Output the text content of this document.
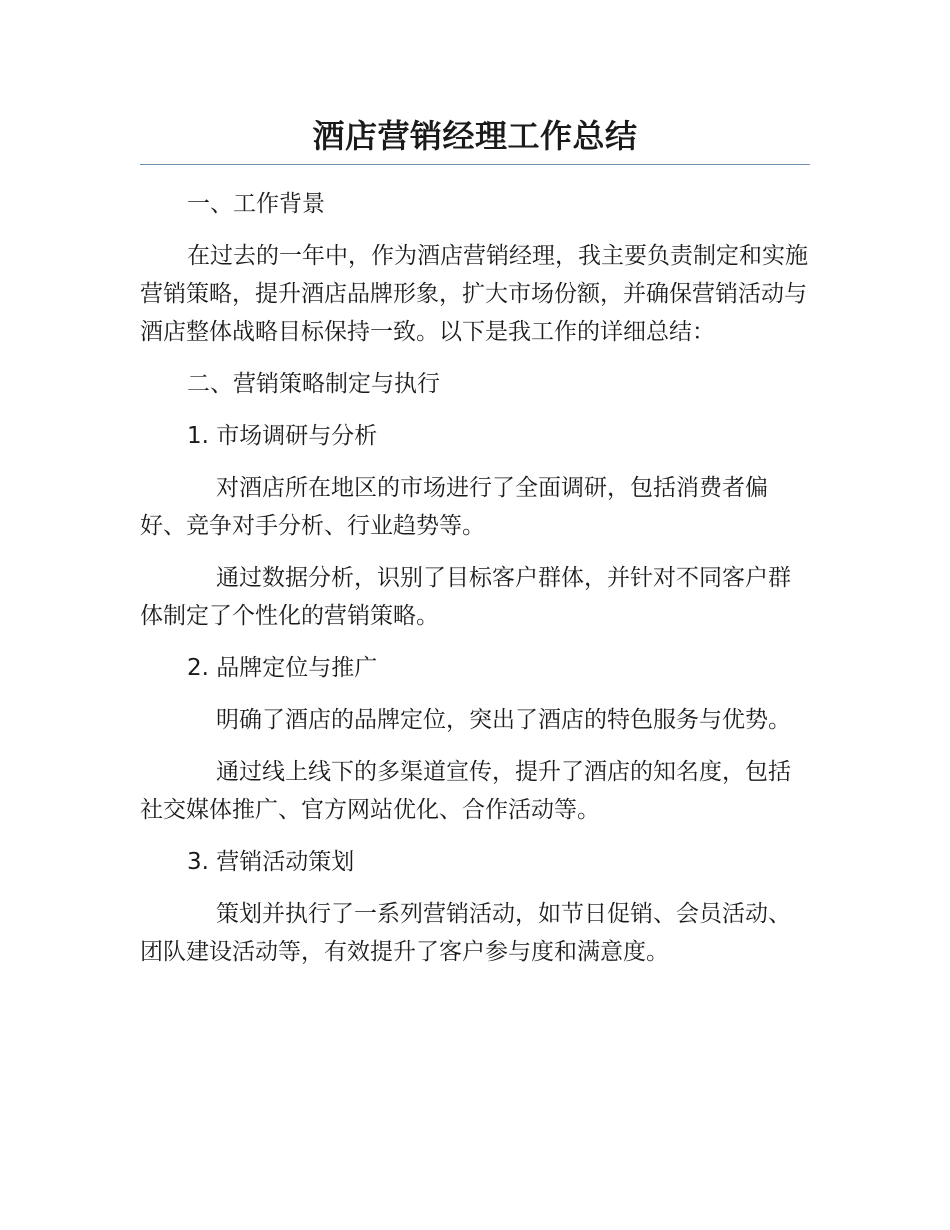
酒店营销经理工作总结

一、工作背景

在过去的一年中，作为酒店营销经理，我主要负责制定和实施营销策略，提升酒店品牌形象，扩大市场份额，并确保营销活动与酒店整体战略目标保持一致。以下是我工作的详细总结：

二、营销策略制定与执行

1. 市场调研与分析

对酒店所在地区的市场进行了全面调研，包括消费者偏好、竞争对手分析、行业趋势等。

通过数据分析，识别了目标客户群体，并针对不同客户群体制定了个性化的营销策略。

2. 品牌定位与推广

明确了酒店的品牌定位，突出了酒店的特色服务与优势。

通过线上线下的多渠道宣传，提升了酒店的知名度，包括社交媒体推广、官方网站优化、合作活动等。

3. 营销活动策划

策划并执行了一系列营销活动，如节日促销、会员活动、团队建设活动等，有效提升了客户参与度和满意度。
